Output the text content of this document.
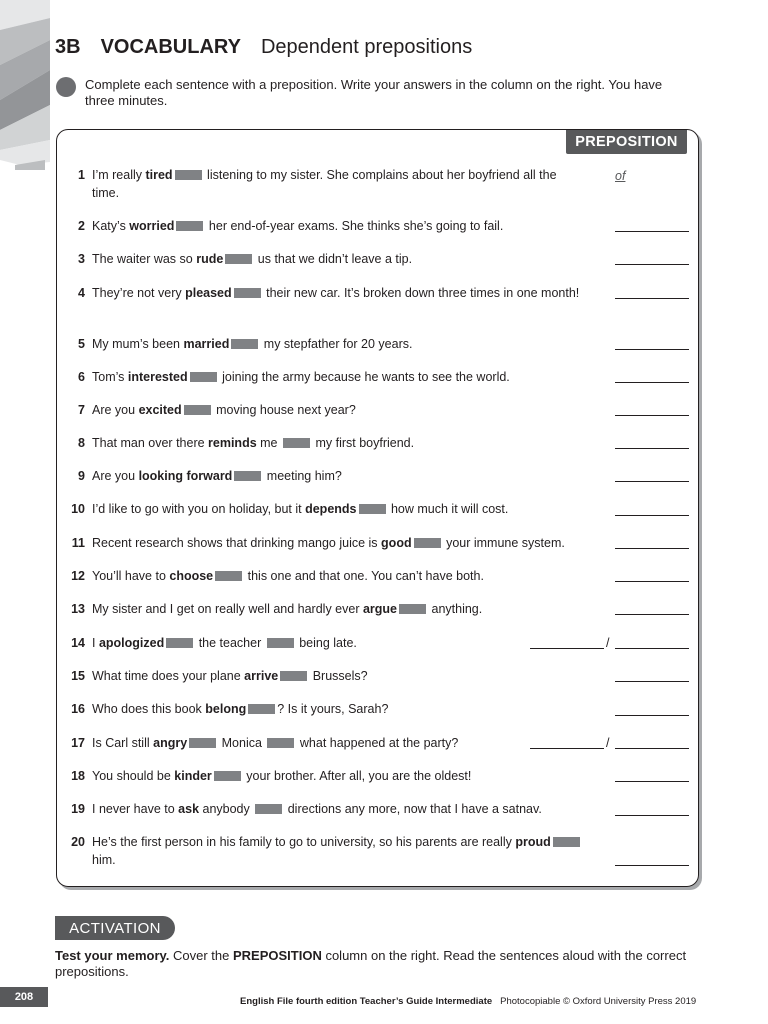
3B VOCABULARY Dependent prepositions
Complete each sentence with a preposition. Write your answers in the column on the right. You have three minutes.
PREPOSITION
1 I’m really tired listening to my sister. She complains about her boyfriend all the time.
of
2 Katy’s worried her end-of-year exams. She thinks she’s going to fail.
3 The waiter was so rude us that we didn’t leave a tip.
4 They’re not very pleased their new car. It’s broken down three times in one month!
5 My mum’s been married my stepfather for 20 years.
6 Tom’s interested joining the army because he wants to see the world.
7 Are you excited moving house next year?
8 That man over there reminds me  my first boyfriend.
9 Are you looking forward meeting him?
10 I’d like to go with you on holiday, but it depends how much it will cost.
11 Recent research shows that drinking mango juice is good your immune system.
12 You’ll have to choose this one and that one. You can’t have both.
13 My sister and I get on really well and hardly ever argue anything.
14 I apologized the teacher  being late.	/
15 What time does your plane arrive Brussels?
16 Who does this book belong ? Is it yours, Sarah?
17 Is Carl still angry Monica  what happened at the party?	/
18 You should be kinder your brother. After all, you are the oldest!
19 I never have to ask anybody  directions any more, now that I have a satnav.
20 He’s the first person in his family to go to university, so his parents are really proud him.
ACTIVATION
Test your memory. Cover the PREPOSITION column on the right. Read the sentences aloud with the correct prepositions.
208	English File fourth edition Teacher’s Guide Intermediate Photocopiable © Oxford University Press 2019
